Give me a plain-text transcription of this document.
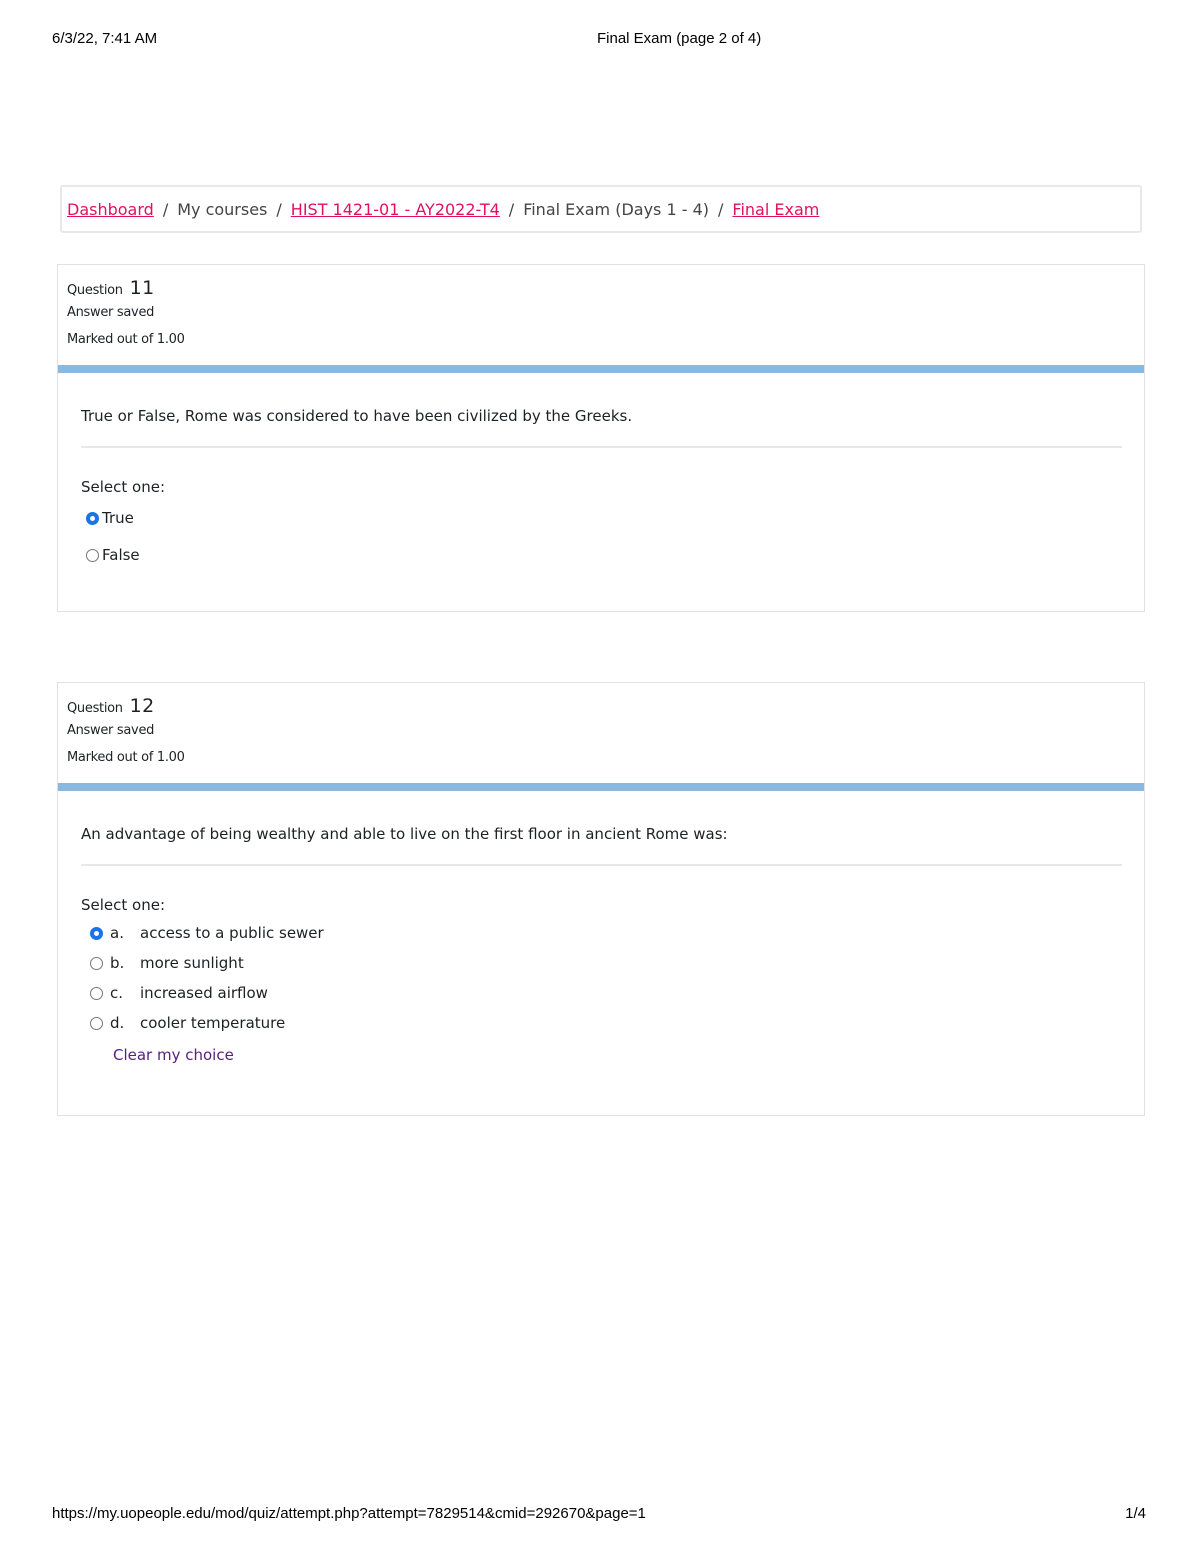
6/3/22, 7:41 AM	Final Exam (page 2 of 4)
Dashboard / My courses / HIST 1421-01 - AY2022-T4 / Final Exam (Days 1 - 4) / Final Exam
Question 11
Answer saved
Marked out of 1.00
True or False, Rome was considered to have been civilized by the Greeks.
Select one:
True
False
Question 12
Answer saved
Marked out of 1.00
An advantage of being wealthy and able to live on the first floor in ancient Rome was:
Select one:
a.	access to a public sewer
b.	more sunlight
c.	increased airflow
d.	cooler temperature
Clear my choice
https://my.uopeople.edu/mod/quiz/attempt.php?attempt=7829514&cmid=292670&page=1	1/4
